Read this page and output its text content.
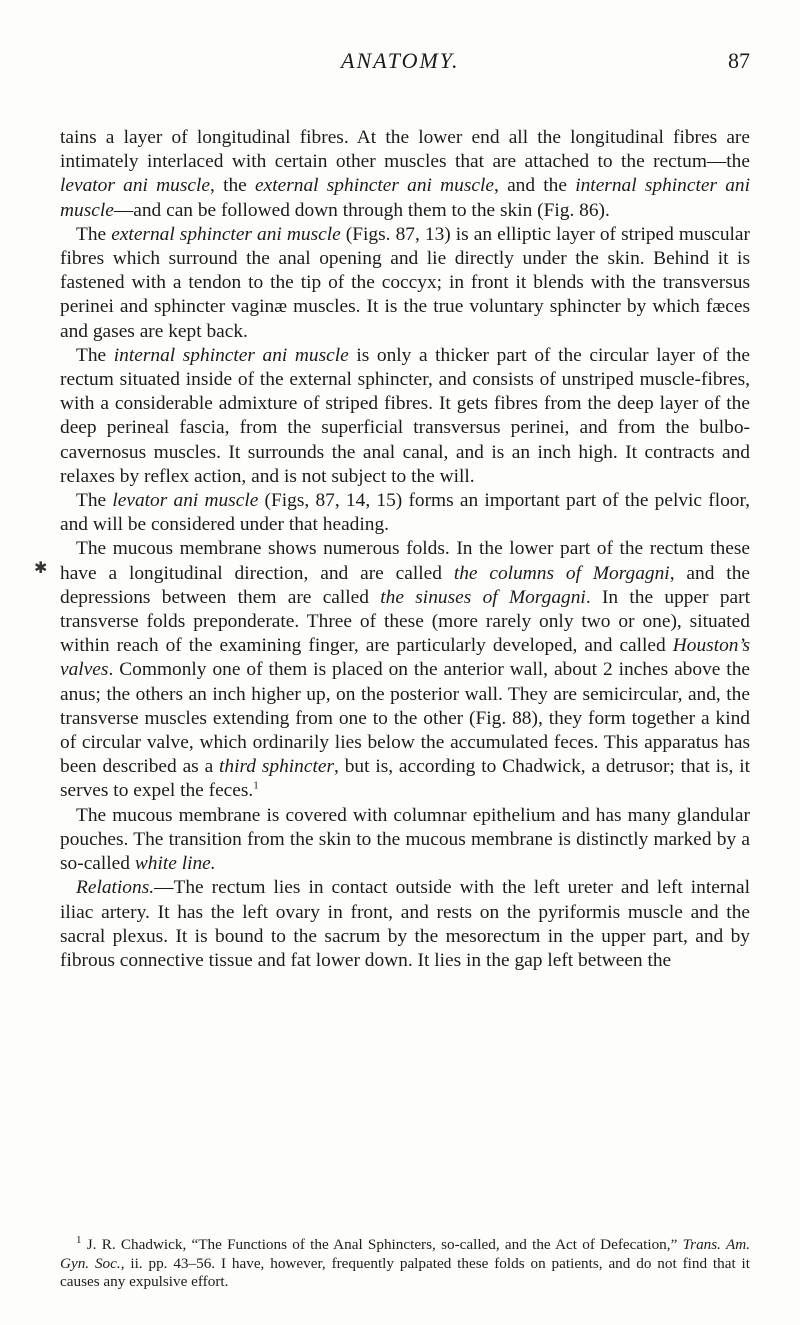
ANATOMY.	87
✱

tains a layer of longitudinal fibres. At the lower end all the longitudinal fibres are intimately interlaced with certain other muscles that are attached to the rectum—the levator ani muscle, the external sphincter ani muscle, and the internal sphincter ani muscle—and can be followed down through them to the skin (Fig. 86).

The external sphincter ani muscle (Figs. 87, 13) is an elliptic layer of striped muscular fibres which surround the anal opening and lie directly under the skin. Behind it is fastened with a tendon to the tip of the coccyx; in front it blends with the transversus perinei and sphincter vaginæ muscles. It is the true voluntary sphincter by which fæces and gases are kept back.

The internal sphincter ani muscle is only a thicker part of the circular layer of the rectum situated inside of the external sphincter, and consists of unstriped muscle-fibres, with a considerable admixture of striped fibres. It gets fibres from the deep layer of the deep perineal fascia, from the superficial transversus perinei, and from the bulbo-cavernosus muscles. It surrounds the anal canal, and is an inch high. It contracts and relaxes by reflex action, and is not subject to the will.

The levator ani muscle (Figs, 87, 14, 15) forms an important part of the pelvic floor, and will be considered under that heading.

The mucous membrane shows numerous folds. In the lower part of the rectum these have a longitudinal direction, and are called the columns of Morgagni, and the depressions between them are called the sinuses of Morgagni. In the upper part transverse folds preponderate. Three of these (more rarely only two or one), situated within reach of the examining finger, are particularly developed, and called Houston’s valves. Commonly one of them is placed on the anterior wall, about 2 inches above the anus; the others an inch higher up, on the posterior wall. They are semicircular, and, the transverse muscles extending from one to the other (Fig. 88), they form together a kind of circular valve, which ordinarily lies below the accumulated feces. This apparatus has been described as a third sphincter, but is, according to Chadwick, a detrusor; that is, it serves to expel the feces.$^1$

The mucous membrane is covered with columnar epithelium and has many glandular pouches. The transition from the skin to the mucous membrane is distinctly marked by a so-called white line.

Relations.—The rectum lies in contact outside with the left ureter and left internal iliac artery. It has the left ovary in front, and rests on the pyriformis muscle and the sacral plexus. It is bound to the sacrum by the mesorectum in the upper part, and by fibrous connective tissue and fat lower down. It lies in the gap left between the

$^1$ J. R. Chadwick, “The Functions of the Anal Sphincters, so-called, and the Act of Defecation,” Trans. Am. Gyn. Soc., ii. pp. 43–56. I have, however, frequently palpated these folds on patients, and do not find that it causes any expulsive effort.
